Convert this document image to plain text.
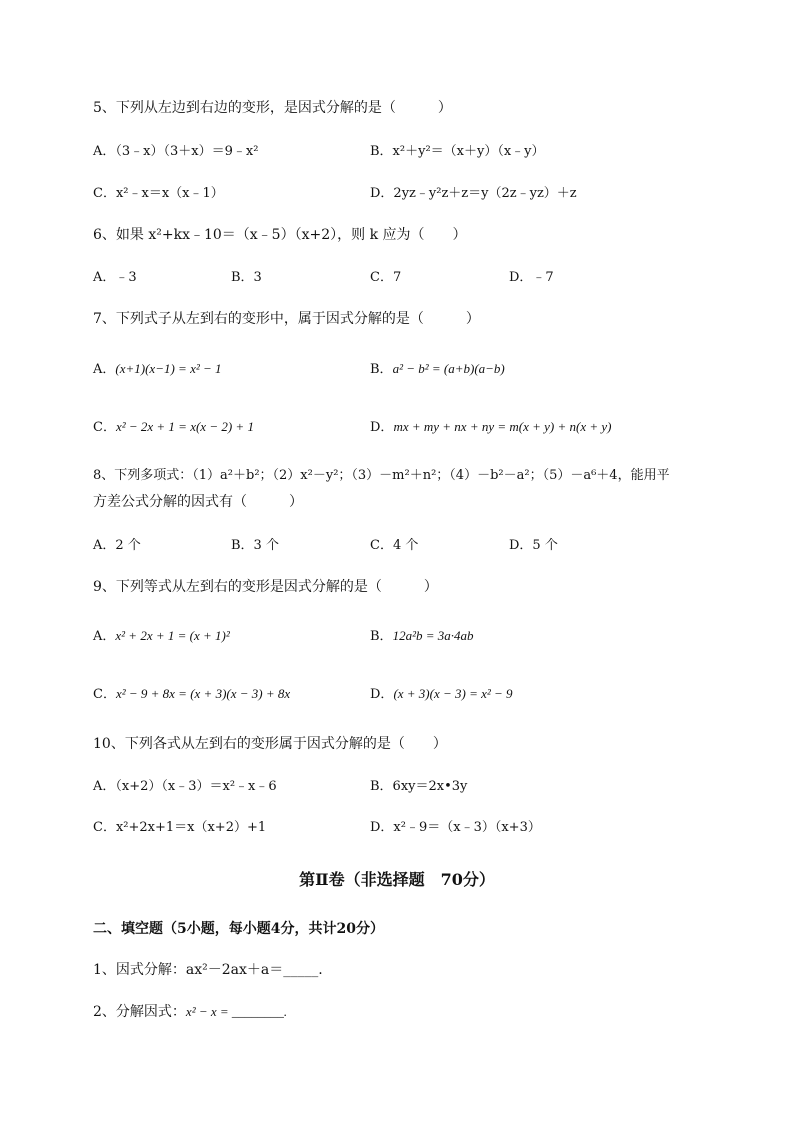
5、下列从左边到右边的变形，是因式分解的是（　　　）
A．（3﹣x）（3＋x）＝9﹣x²	B．x²＋y²＝（x＋y）（x﹣y）
C．x²﹣x＝x（x﹣1）	D．2yz﹣y²z＋z＝y（2z﹣yz）＋z
6、如果 x²+kx﹣10＝（x﹣5）（x+2），则 k 应为（　　）
A．﹣3	B．3	C．7	D．﹣7
7、下列式子从左到右的变形中，属于因式分解的是（　　　）
A．(x+1)(x−1) = x² − 1	B．a² − b² = (a+b)(a−b)
C．x² − 2x + 1 = x(x − 2) + 1	D．mx + my + nx + ny = m(x + y) + n(x + y)
8、下列多项式：（1）a²＋b²；（2）x²－y²；（3）－m²＋n²；（4）－b²－a²；（5）－a⁶＋4，能用平
方差公式分解的因式有（　　　）
A．2 个	B．3 个	C．4 个	D．5 个
9、下列等式从左到右的变形是因式分解的是（　　　）
A．x² + 2x + 1 = (x + 1)²	B．12a²b = 3a·4ab
C．x² − 9 + 8x = (x + 3)(x − 3) + 8x	D．(x + 3)(x − 3) = x² − 9
10、下列各式从左到右的变形属于因式分解的是（　　）
A．（x+2）（x﹣3）＝x²﹣x﹣6	B．6xy＝2x•3y
C．x²+2x+1＝x（x+2）+1	D．x²﹣9＝（x﹣3）（x+3）
第Ⅱ卷（非选择题　70分）
二、填空题（5小题，每小题4分，共计20分）
1、因式分解：ax²－2ax＋a＝_____.
2、分解因式：x² − x = ________.
